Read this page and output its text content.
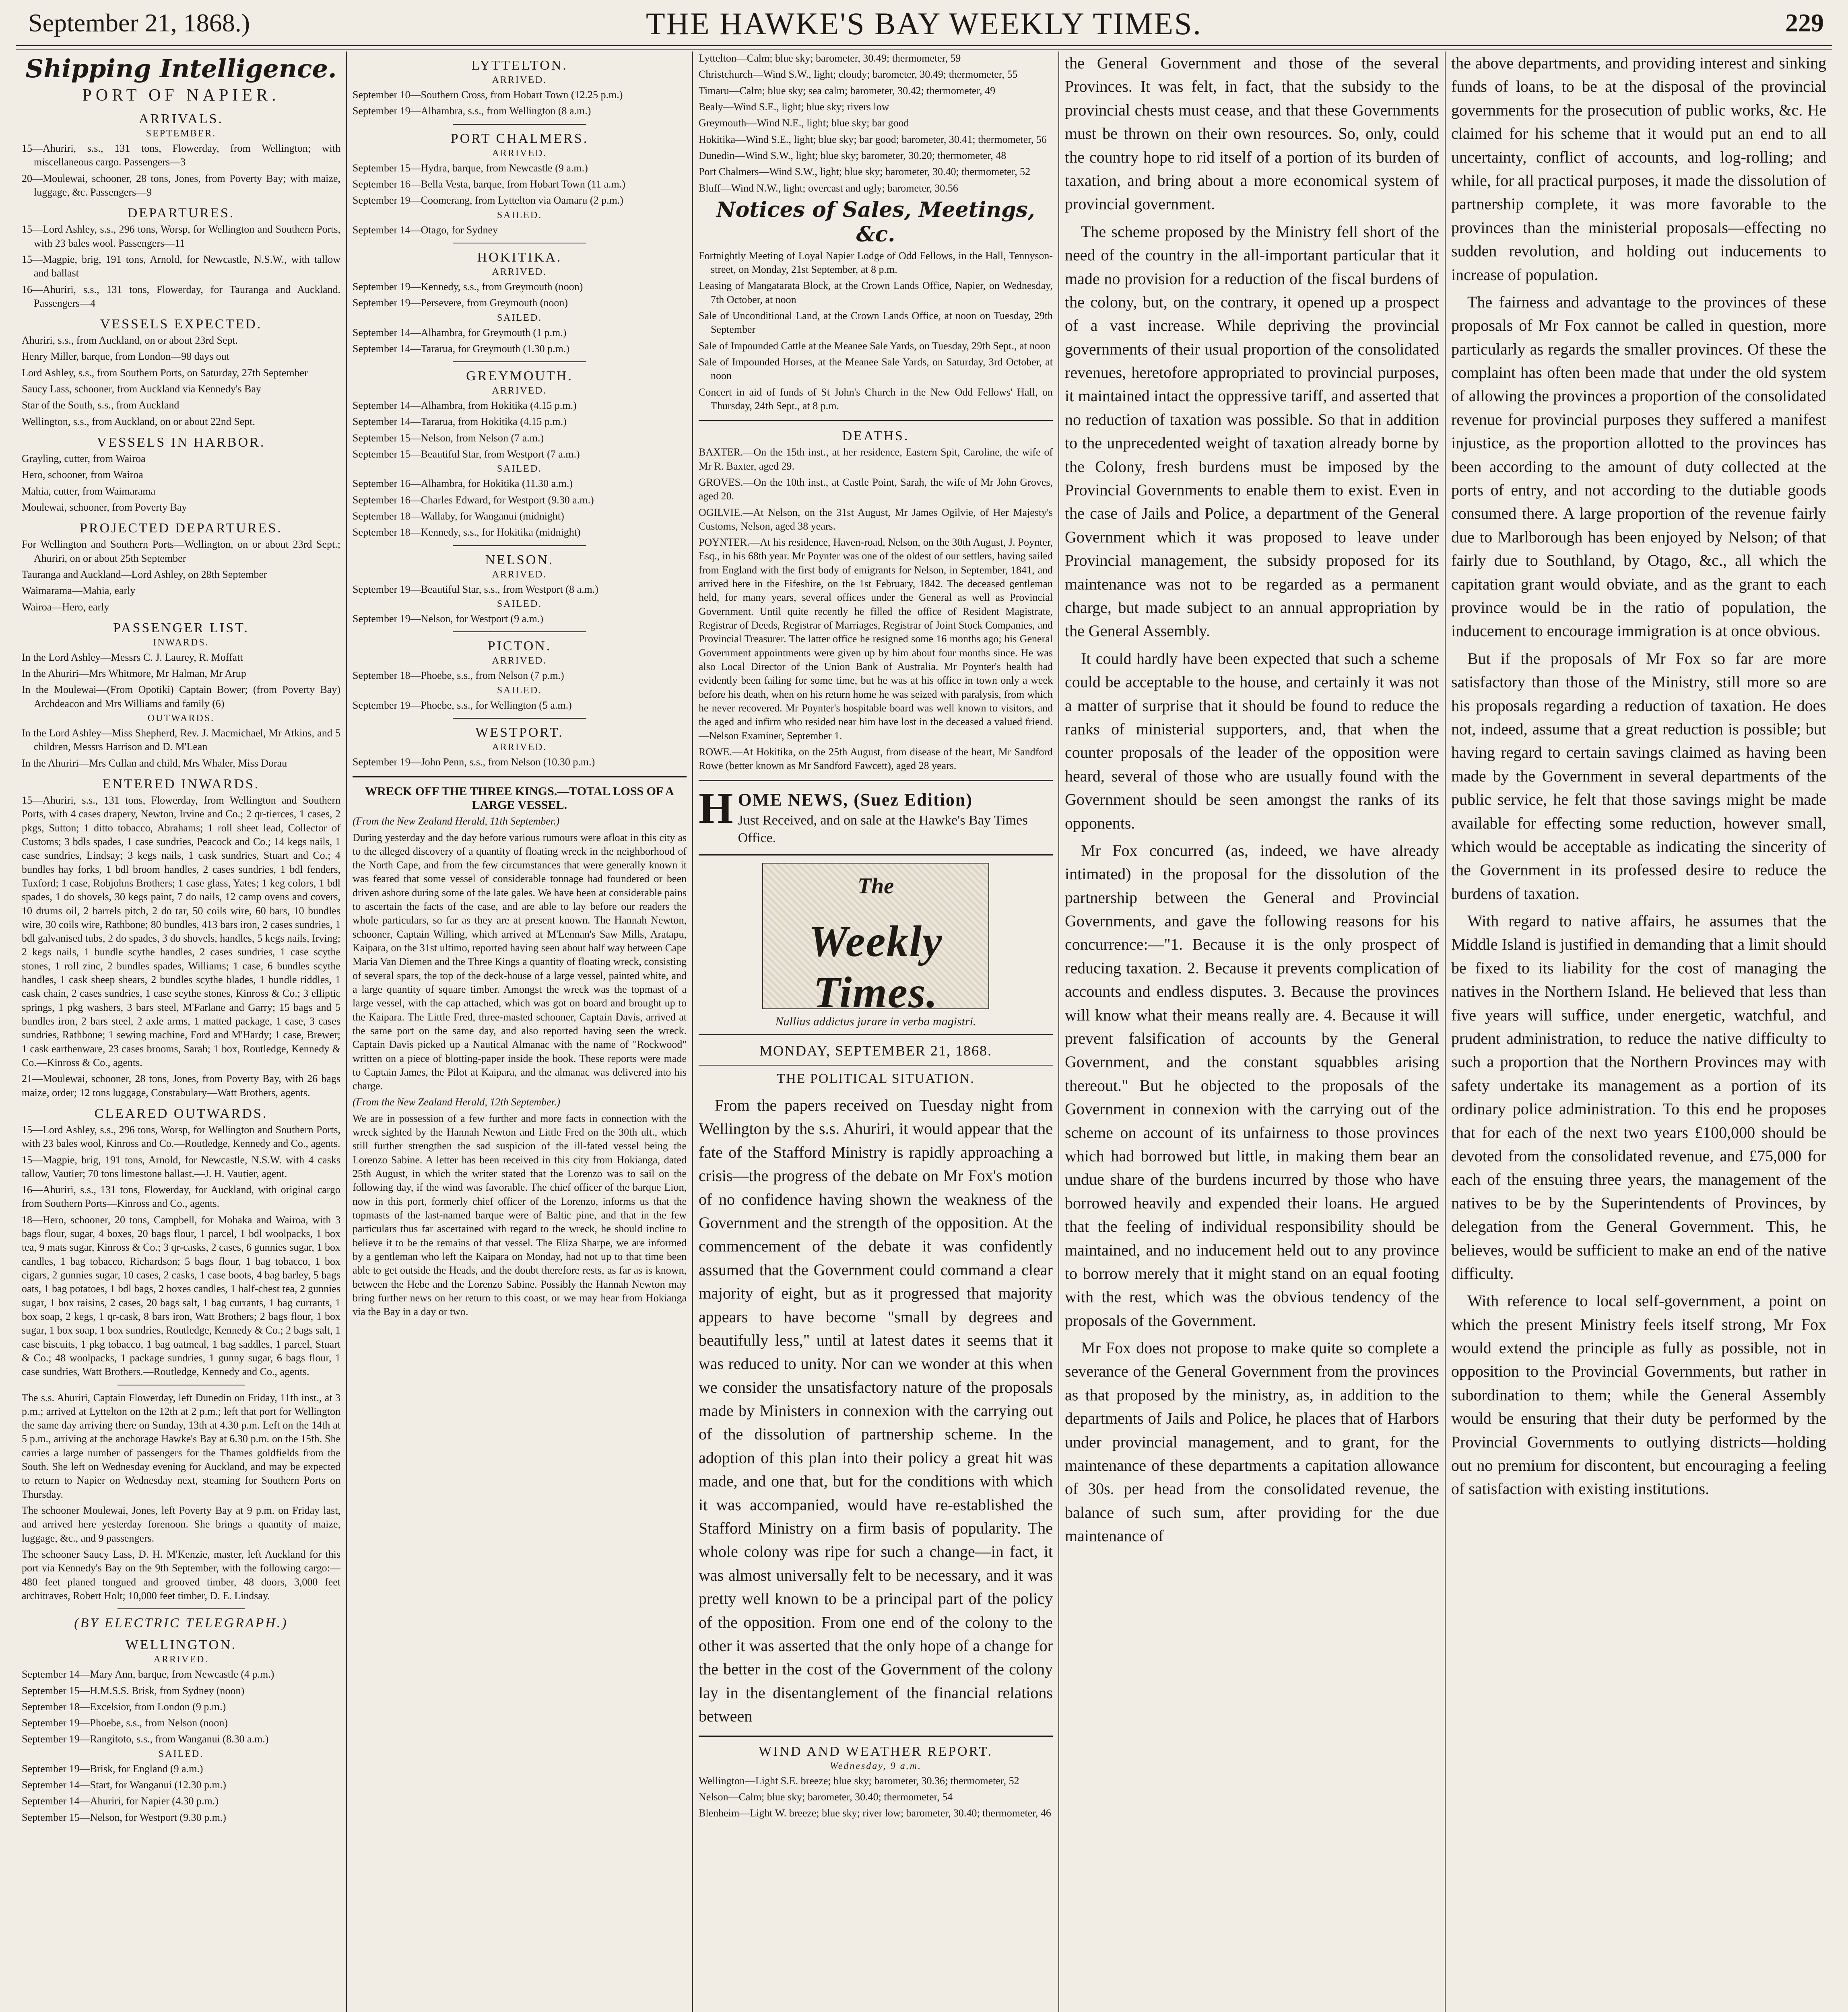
September 21, 1868.)	THE HAWKE'S BAY WEEKLY TIMES.	229
Shipping Intelligence.
PORT OF NAPIER.
ARRIVALS.
SEPTEMBER.

15—Ahuriri, s.s., 131 tons, Flowerday, from Wellington; with miscellaneous cargo. Passengers—3

20—Moulewai, schooner, 28 tons, Jones, from Poverty Bay; with maize, luggage, &c. Passengers—9

DEPARTURES.

15—Lord Ashley, s.s., 296 tons, Worsp, for Wellington and Southern Ports, with 23 bales wool. Passengers—11

15—Magpie, brig, 191 tons, Arnold, for Newcastle, N.S.W., with tallow and ballast

16—Ahuriri, s.s., 131 tons, Flowerday, for Tauranga and Auckland. Passengers—4

VESSELS EXPECTED.

Ahuriri, s.s., from Auckland, on or about 23rd Sept.

Henry Miller, barque, from London—98 days out

Lord Ashley, s.s., from Southern Ports, on Saturday, 27th September

Saucy Lass, schooner, from Auckland via Kennedy's Bay

Star of the South, s.s., from Auckland

Wellington, s.s., from Auckland, on or about 22nd Sept.

VESSELS IN HARBOR.

Grayling, cutter, from Wairoa

Hero, schooner, from Wairoa

Mahia, cutter, from Waimarama

Moulewai, schooner, from Poverty Bay

PROJECTED DEPARTURES.

For Wellington and Southern Ports—Wellington, on or about 23rd Sept.; Ahuriri, on or about 25th September

Tauranga and Auckland—Lord Ashley, on 28th September

Waimarama—Mahia, early

Wairoa—Hero, early

PASSENGER LIST.
INWARDS.

In the Lord Ashley—Messrs C. J. Laurey, R. Moffatt

In the Ahuriri—Mrs Whitmore, Mr Halman, Mr Arup

In the Moulewai—(From Opotiki) Captain Bower; (from Poverty Bay) Archdeacon and Mrs Williams and family (6)

OUTWARDS.

In the Lord Ashley—Miss Shepherd, Rev. J. Macmichael, Mr Atkins, and 5 children, Messrs Harrison and D. M'Lean

In the Ahuriri—Mrs Cullan and child, Mrs Whaler, Miss Dorau

ENTERED INWARDS.

15—Ahuriri, s.s., 131 tons, Flowerday, from Wellington and Southern Ports, with 4 cases drapery, Newton, Irvine and Co.; 2 qr-tierces, 1 cases, 2 pkgs, Sutton; 1 ditto tobacco, Abrahams; 1 roll sheet lead, Collector of Customs; 3 bdls spades, 1 case sundries, Peacock and Co.; 14 kegs nails, 1 case sundries, Lindsay; 3 kegs nails, 1 cask sundries, Stuart and Co.; 4 bundles hay forks, 1 bdl broom handles, 2 cases sundries, 1 bdl fenders, Tuxford; 1 case, Robjohns Brothers; 1 case glass, Yates; 1 keg colors, 1 bdl spades, 1 do shovels, 30 kegs paint, 7 do nails, 12 camp ovens and covers, 10 drums oil, 2 barrels pitch, 2 do tar, 50 coils wire, 60 bars, 10 bundles wire, 30 coils wire, Rathbone; 80 bundles, 413 bars iron, 2 cases sundries, 1 bdl galvanised tubs, 2 do spades, 3 do shovels, handles, 5 kegs nails, Irving; 2 kegs nails, 1 bundle scythe handles, 2 cases sundries, 1 case scythe stones, 1 roll zinc, 2 bundles spades, Williams; 1 case, 6 bundles scythe handles, 1 cask sheep shears, 2 bundles scythe blades, 1 bundle riddles, 1 cask chain, 2 cases sundries, 1 case scythe stones, Kinross & Co.; 3 elliptic springs, 1 pkg washers, 3 bars steel, M'Farlane and Garry; 15 bags and 5 bundles iron, 2 bars steel, 2 axle arms, 1 matted package, 1 case, 3 cases sundries, Rathbone; 1 sewing machine, Ford and M'Hardy; 1 case, Brewer; 1 cask earthenware, 23 cases brooms, Sarah; 1 box, Routledge, Kennedy & Co.—Kinross & Co., agents.

21—Moulewai, schooner, 28 tons, Jones, from Poverty Bay, with 26 bags maize, order; 12 tons luggage, Constabulary—Watt Brothers, agents.

CLEARED OUTWARDS.

15—Lord Ashley, s.s., 296 tons, Worsp, for Wellington and Southern Ports, with 23 bales wool, Kinross and Co.—Routledge, Kennedy and Co., agents.

15—Magpie, brig, 191 tons, Arnold, for Newcastle, N.S.W. with 4 casks tallow, Vautier; 70 tons limestone ballast.—J. H. Vautier, agent.

16—Ahuriri, s.s., 131 tons, Flowerday, for Auckland, with original cargo from Southern Ports—Kinross and Co., agents.

18—Hero, schooner, 20 tons, Campbell, for Mohaka and Wairoa, with 3 bags flour, sugar, 4 boxes, 20 bags flour, 1 parcel, 1 bdl woolpacks, 1 box tea, 9 mats sugar, Kinross & Co.; 3 qr-casks, 2 cases, 6 gunnies sugar, 1 box candles, 1 bag tobacco, Richardson; 5 bags flour, 1 bag tobacco, 1 box cigars, 2 gunnies sugar, 10 cases, 2 casks, 1 case boots, 4 bag barley, 5 bags oats, 1 bag potatoes, 1 bdl bags, 2 boxes candles, 1 half-chest tea, 2 gunnies sugar, 1 box raisins, 2 cases, 20 bags salt, 1 bag currants, 1 bag currants, 1 box soap, 2 kegs, 1 qr-cask, 8 bars iron, Watt Brothers; 2 bags flour, 1 box sugar, 1 box soap, 1 box sundries, Routledge, Kennedy & Co.; 2 bags salt, 1 case biscuits, 1 pkg tobacco, 1 bag oatmeal, 1 bag saddles, 1 parcel, Stuart & Co.; 48 woolpacks, 1 package sundries, 1 gunny sugar, 6 bags flour, 1 case sundries, Watt Brothers.—Routledge, Kennedy and Co., agents.

The s.s. Ahuriri, Captain Flowerday, left Dunedin on Friday, 11th inst., at 3 p.m.; arrived at Lyttelton on the 12th at 2 p.m.; left that port for Wellington the same day arriving there on Sunday, 13th at 4.30 p.m. Left on the 14th at 5 p.m., arriving at the anchorage Hawke's Bay at 6.30 p.m. on the 15th. She carries a large number of passengers for the Thames goldfields from the South. She left on Wednesday evening for Auckland, and may be expected to return to Napier on Wednesday next, steaming for Southern Ports on Thursday.

The schooner Moulewai, Jones, left Poverty Bay at 9 p.m. on Friday last, and arrived here yesterday forenoon. She brings a quantity of maize, luggage, &c., and 9 passengers.

The schooner Saucy Lass, D. H. M'Kenzie, master, left Auckland for this port via Kennedy's Bay on the 9th September, with the following cargo:—480 feet planed tongued and grooved timber, 48 doors, 3,000 feet architraves, Robert Holt; 10,000 feet timber, D. E. Lindsay.

(BY ELECTRIC TELEGRAPH.)
WELLINGTON.
ARRIVED.

September 14—Mary Ann, barque, from Newcastle (4 p.m.)

September 15—H.M.S.S. Brisk, from Sydney (noon)

September 18—Excelsior, from London (9 p.m.)

September 19—Phoebe, s.s., from Nelson (noon)

September 19—Rangitoto, s.s., from Wanganui (8.30 a.m.)

SAILED.

September 19—Brisk, for England (9 a.m.)

September 14—Start, for Wanganui (12.30 p.m.)

September 14—Ahuriri, for Napier (4.30 p.m.)

September 15—Nelson, for Westport (9.30 p.m.)

LYTTELTON.
ARRIVED.

September 10—Southern Cross, from Hobart Town (12.25 p.m.)

September 19—Alhambra, s.s., from Wellington (8 a.m.)

PORT CHALMERS.
ARRIVED.

September 15—Hydra, barque, from Newcastle (9 a.m.)

September 16—Bella Vesta, barque, from Hobart Town (11 a.m.)

September 19—Coomerang, from Lyttelton via Oamaru (2 p.m.)

SAILED.

September 14—Otago, for Sydney

HOKITIKA.
ARRIVED.

September 19—Kennedy, s.s., from Greymouth (noon)

September 19—Persevere, from Greymouth (noon)

SAILED.

September 14—Alhambra, for Greymouth (1 p.m.)

September 14—Tararua, for Greymouth (1.30 p.m.)

GREYMOUTH.
ARRIVED.

September 14—Alhambra, from Hokitika (4.15 p.m.)

September 14—Tararua, from Hokitika (4.15 p.m.)

September 15—Nelson, from Nelson (7 a.m.)

September 15—Beautiful Star, from Westport (7 a.m.)

SAILED.

September 16—Alhambra, for Hokitika (11.30 a.m.)

September 16—Charles Edward, for Westport (9.30 a.m.)

September 18—Wallaby, for Wanganui (midnight)

September 18—Kennedy, s.s., for Hokitika (midnight)

NELSON.
ARRIVED.

September 19—Beautiful Star, s.s., from Westport (8 a.m.)

SAILED.

September 19—Nelson, for Westport (9 a.m.)

PICTON.
ARRIVED.

September 18—Phoebe, s.s., from Nelson (7 p.m.)

SAILED.

September 19—Phoebe, s.s., for Wellington (5 a.m.)

WESTPORT.
ARRIVED.

September 19—John Penn, s.s., from Nelson (10.30 p.m.)

WRECK OFF THE THREE KINGS.—TOTAL LOSS OF A LARGE VESSEL.

(From the New Zealand Herald, 11th September.)

During yesterday and the day before various rumours were afloat in this city as to the alleged discovery of a quantity of floating wreck in the neighborhood of the North Cape, and from the few circumstances that were generally known it was feared that some vessel of considerable tonnage had foundered or been driven ashore during some of the late gales. We have been at considerable pains to ascertain the facts of the case, and are able to lay before our readers the whole particulars, so far as they are at present known. The Hannah Newton, schooner, Captain Willing, which arrived at M'Lennan's Saw Mills, Aratapu, Kaipara, on the 31st ultimo, reported having seen about half way between Cape Maria Van Diemen and the Three Kings a quantity of floating wreck, consisting of several spars, the top of the deck-house of a large vessel, painted white, and a large quantity of square timber. Amongst the wreck was the topmast of a large vessel, with the cap attached, which was got on board and brought up to the Kaipara. The Little Fred, three-masted schooner, Captain Davis, arrived at the same port on the same day, and also reported having seen the wreck. Captain Davis picked up a Nautical Almanac with the name of "Rockwood" written on a piece of blotting-paper inside the book. These reports were made to Captain James, the Pilot at Kaipara, and the almanac was delivered into his charge.

(From the New Zealand Herald, 12th September.)

We are in possession of a few further and more facts in connection with the wreck sighted by the Hannah Newton and Little Fred on the 30th ult., which still further strengthen the sad suspicion of the ill-fated vessel being the Lorenzo Sabine. A letter has been received in this city from Hokianga, dated 25th August, in which the writer stated that the Lorenzo was to sail on the following day, if the wind was favorable. The chief officer of the barque Lion, now in this port, formerly chief officer of the Lorenzo, informs us that the topmasts of the last-named barque were of Baltic pine, and that in the few particulars thus far ascertained with regard to the wreck, he should incline to believe it to be the remains of that vessel. The Eliza Sharpe, we are informed by a gentleman who left the Kaipara on Monday, had not up to that time been able to get outside the Heads, and the doubt therefore rests, as far as is known, between the Hebe and the Lorenzo Sabine. Possibly the Hannah Newton may bring further news on her return to this coast, or we may hear from Hokianga via the Bay in a day or two.

Lyttelton—Calm; blue sky; barometer, 30.49; thermometer, 59

Christchurch—Wind S.W., light; cloudy; barometer, 30.49; thermometer, 55

Timaru—Calm; blue sky; sea calm; barometer, 30.42; thermometer, 49

Bealy—Wind S.E., light; blue sky; rivers low

Greymouth—Wind N.E., light; blue sky; bar good

Hokitika—Wind S.E., light; blue sky; bar good; barometer, 30.41; thermometer, 56

Dunedin—Wind S.W., light; blue sky; barometer, 30.20; thermometer, 48

Port Chalmers—Wind S.W., light; blue sky; barometer, 30.40; thermometer, 52

Bluff—Wind N.W., light; overcast and ugly; barometer, 30.56

Notices of Sales, Meetings, &c.

Fortnightly Meeting of Loyal Napier Lodge of Odd Fellows, in the Hall, Tennyson-street, on Monday, 21st September, at 8 p.m.

Leasing of Mangatarata Block, at the Crown Lands Office, Napier, on Wednesday, 7th October, at noon

Sale of Unconditional Land, at the Crown Lands Office, at noon on Tuesday, 29th September

Sale of Impounded Cattle at the Meanee Sale Yards, on Tuesday, 29th Sept., at noon

Sale of Impounded Horses, at the Meanee Sale Yards, on Saturday, 3rd October, at noon

Concert in aid of funds of St John's Church in the New Odd Fellows' Hall, on Thursday, 24th Sept., at 8 p.m.

DEATHS.

BAXTER.—On the 15th inst., at her residence, Eastern Spit, Caroline, the wife of Mr R. Baxter, aged 29.

GROVES.—On the 10th inst., at Castle Point, Sarah, the wife of Mr John Groves, aged 20.

OGILVIE.—At Nelson, on the 31st August, Mr James Ogilvie, of Her Majesty's Customs, Nelson, aged 38 years.

POYNTER.—At his residence, Haven-road, Nelson, on the 30th August, J. Poynter, Esq., in his 68th year. Mr Poynter was one of the oldest of our settlers, having sailed from England with the first body of emigrants for Nelson, in September, 1841, and arrived here in the Fifeshire, on the 1st February, 1842. The deceased gentleman held, for many years, several offices under the General as well as Provincial Government. Until quite recently he filled the office of Resident Magistrate, Registrar of Deeds, Registrar of Marriages, Registrar of Joint Stock Companies, and Provincial Treasurer. The latter office he resigned some 16 months ago; his General Government appointments were given up by him about four months since. He was also Local Director of the Union Bank of Australia. Mr Poynter's health had evidently been failing for some time, but he was at his office in town only a week before his death, when on his return home he was seized with paralysis, from which he never recovered. Mr Poynter's hospitable board was well known to visitors, and the aged and infirm who resided near him have lost in the deceased a valued friend.—Nelson Examiner, September 1.

ROWE.—At Hokitika, on the 25th August, from disease of the heart, Mr Sandford Rowe (better known as Mr Sandford Fawcett), aged 28 years.

H OME NEWS, (Suez Edition)
Just Received, and on sale at the Hawke's Bay Times Office.
The
Weekly Times.
Nullius addictus jurare in verba magistri.
MONDAY, SEPTEMBER 21, 1868.
THE POLITICAL SITUATION.

From the papers received on Tuesday night from Wellington by the s.s. Ahuriri, it would appear that the fate of the Stafford Ministry is rapidly approaching a crisis—the progress of the debate on Mr Fox's motion of no confidence having shown the weakness of the Government and the strength of the opposition. At the commencement of the debate it was confidently assumed that the Government could command a clear majority of eight, but as it progressed that majority appears to have become "small by degrees and beautifully less," until at latest dates it seems that it was reduced to unity. Nor can we wonder at this when we consider the unsatisfactory nature of the proposals made by Ministers in connexion with the carrying out of the dissolution of partnership scheme. In the adoption of this plan into their policy a great hit was made, and one that, but for the conditions with which it was accompanied, would have re-established the Stafford Ministry on a firm basis of popularity. The whole colony was ripe for such a change—in fact, it was almost universally felt to be necessary, and it was pretty well known to be a principal part of the policy of the opposition. From one end of the colony to the other it was asserted that the only hope of a change for the better in the cost of the Government of the colony lay in the disentanglement of the financial relations between

WIND AND WEATHER REPORT.
Wednesday, 9 a.m.

Wellington—Light S.E. breeze; blue sky; barometer, 30.36; thermometer, 52

Nelson—Calm; blue sky; barometer, 30.40; thermometer, 54

Blenheim—Light W. breeze; blue sky; river low; barometer, 30.40; thermometer, 46

the General Government and those of the several Provinces. It was felt, in fact, that the subsidy to the provincial chests must cease, and that these Governments must be thrown on their own resources. So, only, could the country hope to rid itself of a portion of its burden of taxation, and bring about a more economical system of provincial government.

The scheme proposed by the Ministry fell short of the need of the country in the all-important particular that it made no provision for a reduction of the fiscal burdens of the colony, but, on the contrary, it opened up a prospect of a vast increase. While depriving the provincial governments of their usual proportion of the consolidated revenues, heretofore appropriated to provincial purposes, it maintained intact the oppressive tariff, and asserted that no reduction of taxation was possible. So that in addition to the unprecedented weight of taxation already borne by the Colony, fresh burdens must be imposed by the Provincial Governments to enable them to exist. Even in the case of Jails and Police, a department of the General Government which it was proposed to leave under Provincial management, the subsidy proposed for its maintenance was not to be regarded as a permanent charge, but made subject to an annual appropriation by the General Assembly.

It could hardly have been expected that such a scheme could be acceptable to the house, and certainly it was not a matter of surprise that it should be found to reduce the ranks of ministerial supporters, and, that when the counter proposals of the leader of the opposition were heard, several of those who are usually found with the Government should be seen amongst the ranks of its opponents.

Mr Fox concurred (as, indeed, we have already intimated) in the proposal for the dissolution of the partnership between the General and Provincial Governments, and gave the following reasons for his concurrence:—"1. Because it is the only prospect of reducing taxation. 2. Because it prevents complication of accounts and endless disputes. 3. Because the provinces will know what their means really are. 4. Because it will prevent falsification of accounts by the General Government, and the constant squabbles arising thereout." But he objected to the proposals of the Government in connexion with the carrying out of the scheme on account of its unfairness to those provinces which had borrowed but little, in making them bear an undue share of the burdens incurred by those who have borrowed heavily and expended their loans. He argued that the feeling of individual responsibility should be maintained, and no inducement held out to any province to borrow merely that it might stand on an equal footing with the rest, which was the obvious tendency of the proposals of the Government.

Mr Fox does not propose to make quite so complete a severance of the General Government from the provinces as that proposed by the ministry, as, in addition to the departments of Jails and Police, he places that of Harbors under provincial management, and to grant, for the maintenance of these departments a capitation allowance of 30s. per head from the consolidated revenue, the balance of such sum, after providing for the due maintenance of

the above departments, and providing interest and sinking funds of loans, to be at the disposal of the provincial governments for the prosecution of public works, &c. He claimed for his scheme that it would put an end to all uncertainty, conflict of accounts, and log-rolling; and while, for all practical purposes, it made the dissolution of partnership complete, it was more favorable to the provinces than the ministerial proposals—effecting no sudden revolution, and holding out inducements to increase of population.

The fairness and advantage to the provinces of these proposals of Mr Fox cannot be called in question, more particularly as regards the smaller provinces. Of these the complaint has often been made that under the old system of allowing the provinces a proportion of the consolidated revenue for provincial purposes they suffered a manifest injustice, as the proportion allotted to the provinces has been according to the amount of duty collected at the ports of entry, and not according to the dutiable goods consumed there. A large proportion of the revenue fairly due to Marlborough has been enjoyed by Nelson; of that fairly due to Southland, by Otago, &c., all which the capitation grant would obviate, and as the grant to each province would be in the ratio of population, the inducement to encourage immigration is at once obvious.

But if the proposals of Mr Fox so far are more satisfactory than those of the Ministry, still more so are his proposals regarding a reduction of taxation. He does not, indeed, assume that a great reduction is possible; but having regard to certain savings claimed as having been made by the Government in several departments of the public service, he felt that those savings might be made available for effecting some reduction, however small, which would be acceptable as indicating the sincerity of the Government in its professed desire to reduce the burdens of taxation.

With regard to native affairs, he assumes that the Middle Island is justified in demanding that a limit should be fixed to its liability for the cost of managing the natives in the Northern Island. He believed that less than five years will suffice, under energetic, watchful, and prudent administration, to reduce the native difficulty to such a proportion that the Northern Provinces may with safety undertake its management as a portion of its ordinary police administration. To this end he proposes that for each of the next two years £100,000 should be devoted from the consolidated revenue, and £75,000 for each of the ensuing three years, the management of the natives to be by the Superintendents of Provinces, by delegation from the General Government. This, he believes, would be sufficient to make an end of the native difficulty.

With reference to local self-government, a point on which the present Ministry feels itself strong, Mr Fox would extend the principle as fully as possible, not in opposition to the Provincial Governments, but rather in subordination to them; while the General Assembly would be ensuring that their duty be performed by the Provincial Governments to outlying districts—holding out no premium for discontent, but encouraging a feeling of satisfaction with existing institutions.
